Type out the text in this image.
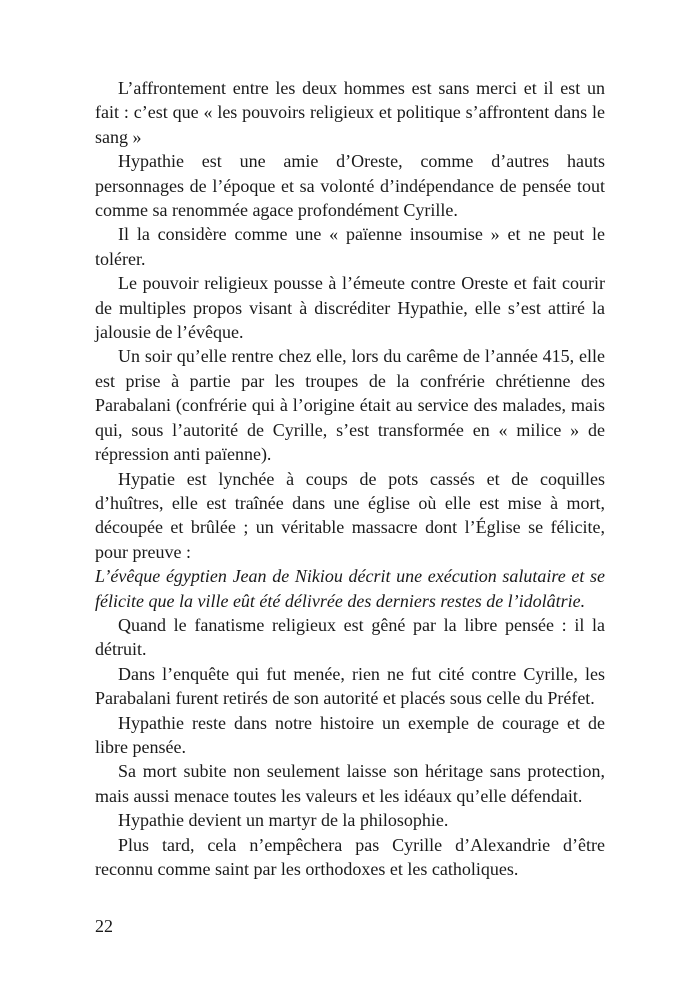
L’affrontement entre les deux hommes est sans merci et il est un fait : c’est que « les pouvoirs religieux et politique s’affrontent dans le sang »

Hypathie est une amie d’Oreste, comme d’autres hauts personnages de l’époque et sa volonté d’indépendance de pensée tout comme sa renommée agace profondément Cyrille.

Il la considère comme une « païenne insoumise » et ne peut le tolérer.

Le pouvoir religieux pousse à l’émeute contre Oreste et fait courir de multiples propos visant à discréditer Hypathie, elle s’est attiré la jalousie de l’évêque.

Un soir qu’elle rentre chez elle, lors du carême de l’année 415, elle est prise à partie par les troupes de la confrérie chrétienne des Parabalani (confrérie qui à l’origine était au service des malades, mais qui, sous l’autorité de Cyrille, s’est transformée en « milice » de répression anti païenne).

Hypatie est lynchée à coups de pots cassés et de coquilles d’huîtres, elle est traînée dans une église où elle est mise à mort, découpée et brûlée ; un véritable massacre dont l’Église se félicite, pour preuve :
L’évêque égyptien Jean de Nikiou décrit une exécution salutaire et se félicite que la ville eût été délivrée des derniers restes de l’idolâtrie.

Quand le fanatisme religieux est gêné par la libre pensée : il la détruit.

Dans l’enquête qui fut menée, rien ne fut cité contre Cyrille, les Parabalani furent retirés de son autorité et placés sous celle du Préfet.

Hypathie reste dans notre histoire un exemple de courage et de libre pensée.

Sa mort subite non seulement laisse son héritage sans protection, mais aussi menace toutes les valeurs et les idéaux qu’elle défendait.

Hypathie devient un martyr de la philosophie.

Plus tard, cela n’empêchera pas Cyrille d’Alexandrie d’être reconnu comme saint par les orthodoxes et les catholiques.

22
